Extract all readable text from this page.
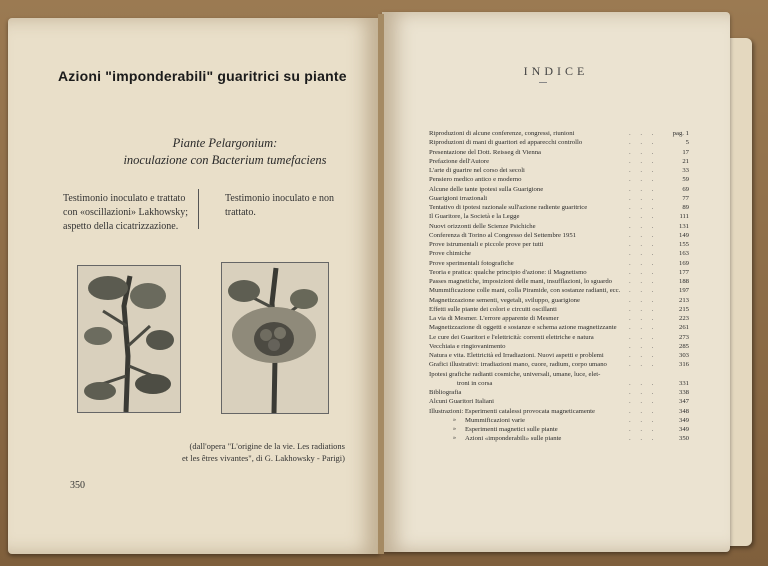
Azioni "imponderabili" guaritrici su piante
Piante Pelargonium:
inoculazione con Bacterium tumefaciens
Testimonio inoculato e trattato con «oscillazioni» Lakhowsky; aspetto della cicatrizzazione.
Testimonio inoculato e non trattato.
(dall'opera "L'origine de la vie. Les radiations
et les êtres vivantes", di G. Lakhowsky - Parigi)
350
INDICE
Riproduzioni di alcune conferenze, congressi, riunioni	. . . pag. 1
Riproduzioni di mani di guaritori ed apparecchi controllo	. . .	5
Presentazione del Dott. Reisseg di Vienna	. . .	17
Prefazione dell'Autore	. . .	21
L'arte di guarire nel corso dei secoli	. . .	33
Pensiero medico antico e moderno	. . .	59
Alcune delle tante ipotesi sulla Guarigione	. . .	69
Guarigioni irrazionali	. . .	77
Tentativo di ipotesi razionale sull'azione radiente guaritrice	. . .	89
Il Guaritore, la Società e la Legge	. . .	111
Nuovi orizzonti delle Scienze Psichiche	. . .	131
Conferenza di Torino al Congresso del Settembre 1951	. . .	149
Prove istrumentali e piccole prove per tutti	. . .	155
Prove chimiche	. . .	163
Prove sperimentali fotografiche	. . .	169
Teoria e pratica: qualche principio d'azione: il Magnetismo	. . .	177
Passes magnetiche, imposizioni delle mani, insufflazioni, lo sguardo	. . .	188
Mummificazione colle mani, colla Piramide, con sostanze radianti, ecc. . . .	197
Magnetizzazione sementi, vegetali, sviluppo, guarigione	. . .	213
Effetti sulle piante dei colori e circuiti oscillanti	. . .	215
La via di Mesmer. L'errore apparente di Mesmer	. . .	223
Magnetizzazione di oggetti e sostanze e schema azione magnetizzante . . .	261
Le cure dei Guaritori e l'elettricità: correnti elettriche e natura	. . .	273
Vecchiaia e ringiovanimento	. . .	285
Natura e vita. Elettricità ed Irradiazioni. Nuovi aspetti e problemi	. . .	303
Grafici illustrativi: irradiazioni mano, cuore, radium, corpo umano	. . .	316
Ipotesi grafiche radianti cosmiche, universali, umane, luce, elet-
troni in corsa	. . .	331
Bibliografia	. . .	338
Alcuni Guaritori Italiani	. . .	347
Illustrazioni: Esperimenti catalessi provocata magneticamente	. . .	348
» Mummificazioni varie	. . .	349
» Esperimenti magnetici sulle piante	. . .	349
» Azioni «imponderabili» sulle piante	. . .	350
